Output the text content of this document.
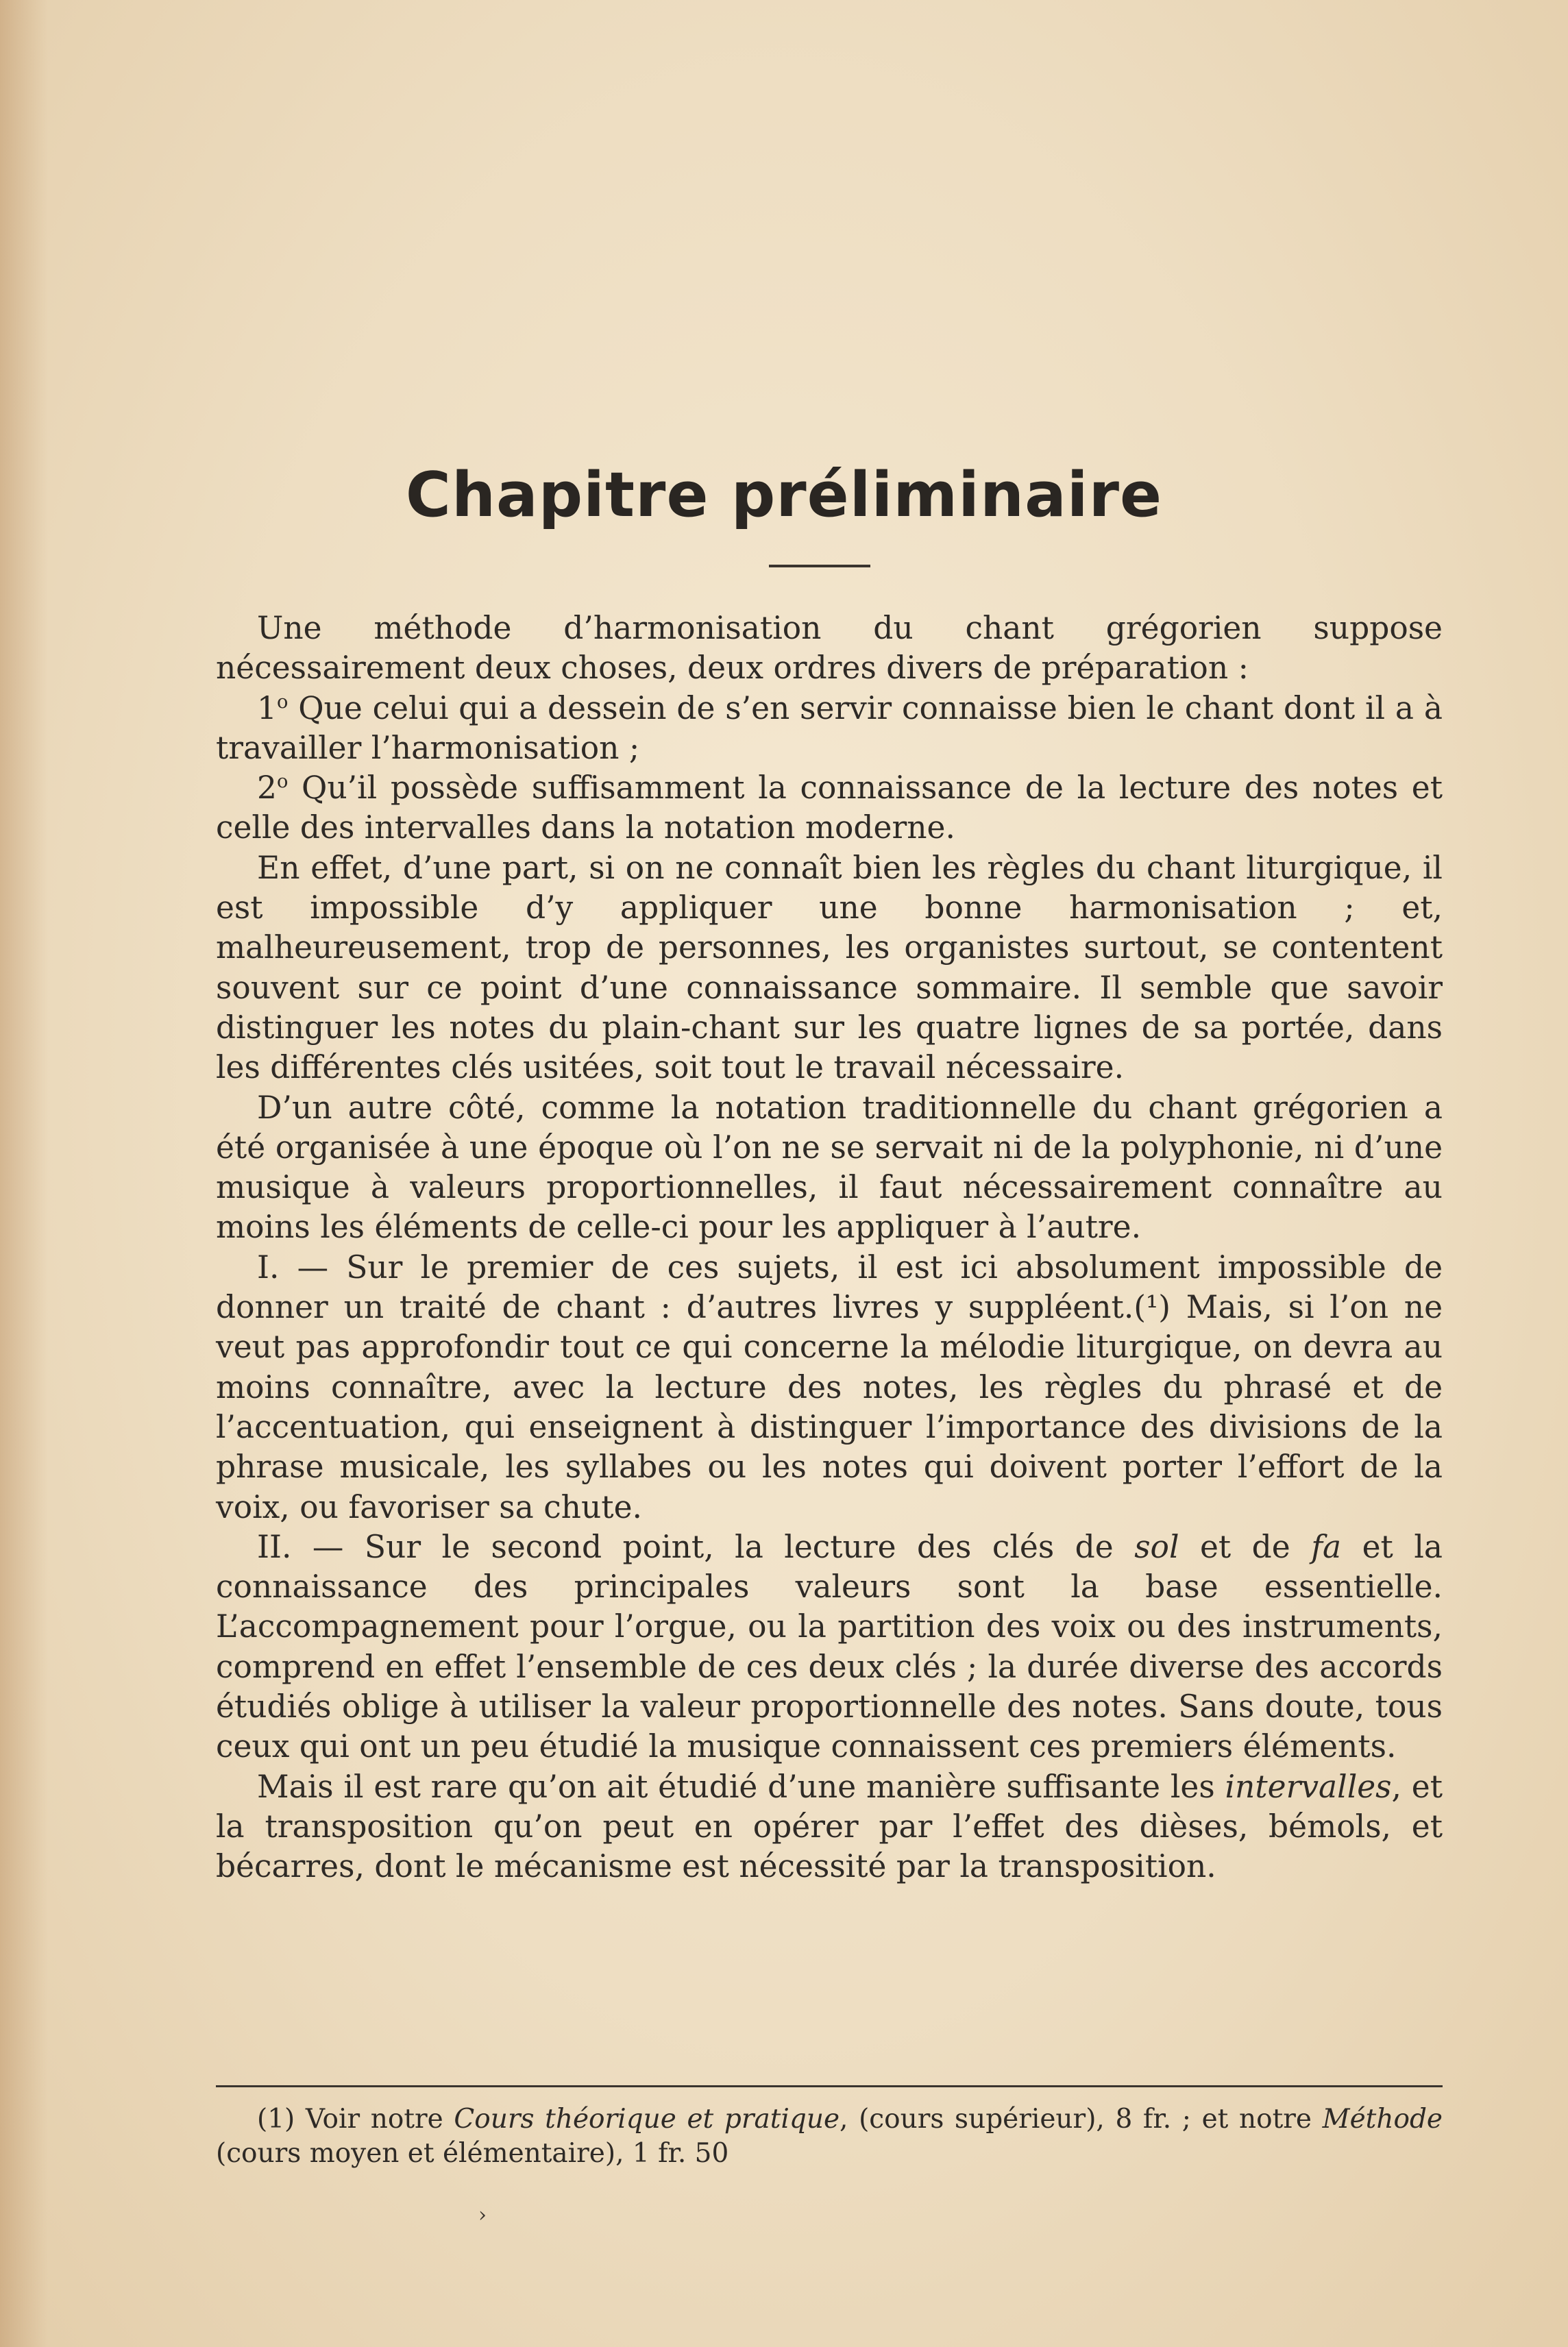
Chapitre préliminaire

Une méthode d’harmonisation du chant grégorien suppose nécessairement deux choses, deux ordres divers de préparation :

1$^o$ Que celui qui a dessein de s’en servir connaisse bien le chant dont il a à travailler l’harmonisation ;

2$^o$ Qu’il possède suffisamment la connaissance de la lecture des notes et celle des intervalles dans la notation moderne.

En effet, d’une part, si on ne connaît bien les règles du chant liturgique, il est impossible d’y appliquer une bonne harmonisation ; et, malheureusement, trop de personnes, les organistes surtout, se contentent souvent sur ce point d’une connaissance sommaire. Il semble que savoir distinguer les notes du plain-chant sur les quatre lignes de sa portée, dans les différentes clés usitées, soit tout le travail nécessaire.

D’un autre côté, comme la notation traditionnelle du chant grégorien a été organisée à une époque où l’on ne se servait ni de la polyphonie, ni d’une musique à valeurs proportionnelles, il faut nécessairement connaître au moins les éléments de celle-ci pour les appliquer à l’autre.

I. — Sur le premier de ces sujets, il est ici absolument impossible de donner un traité de chant : d’autres livres y suppléent.(¹) Mais, si l’on ne veut pas approfondir tout ce qui concerne la mélodie liturgique, on devra au moins connaître, avec la lecture des notes, les règles du phrasé et de l’accentuation, qui enseignent à distinguer l’importance des divisions de la phrase musicale, les syllabes ou les notes qui doivent porter l’effort de la voix, ou favoriser sa chute.

II. — Sur le second point, la lecture des clés de sol et de fa et la connaissance des principales valeurs sont la base essentielle. L’accompagnement pour l’orgue, ou la partition des voix ou des instruments, comprend en effet l’ensemble de ces deux clés ; la durée diverse des accords étudiés oblige à utiliser la valeur proportionnelle des notes. Sans doute, tous ceux qui ont un peu étudié la musique connaissent ces premiers éléments.

Mais il est rare qu’on ait étudié d’une manière suffisante les intervalles, et la transposition qu’on peut en opérer par l’effet des dièses, bémols, et bécarres, dont le mécanisme est nécessité par la transposition.

(1) Voir notre Cours théorique et pratique, (cours supérieur), 8 fr. ; et notre Méthode (cours moyen et élémentaire), 1 fr. 50

›
